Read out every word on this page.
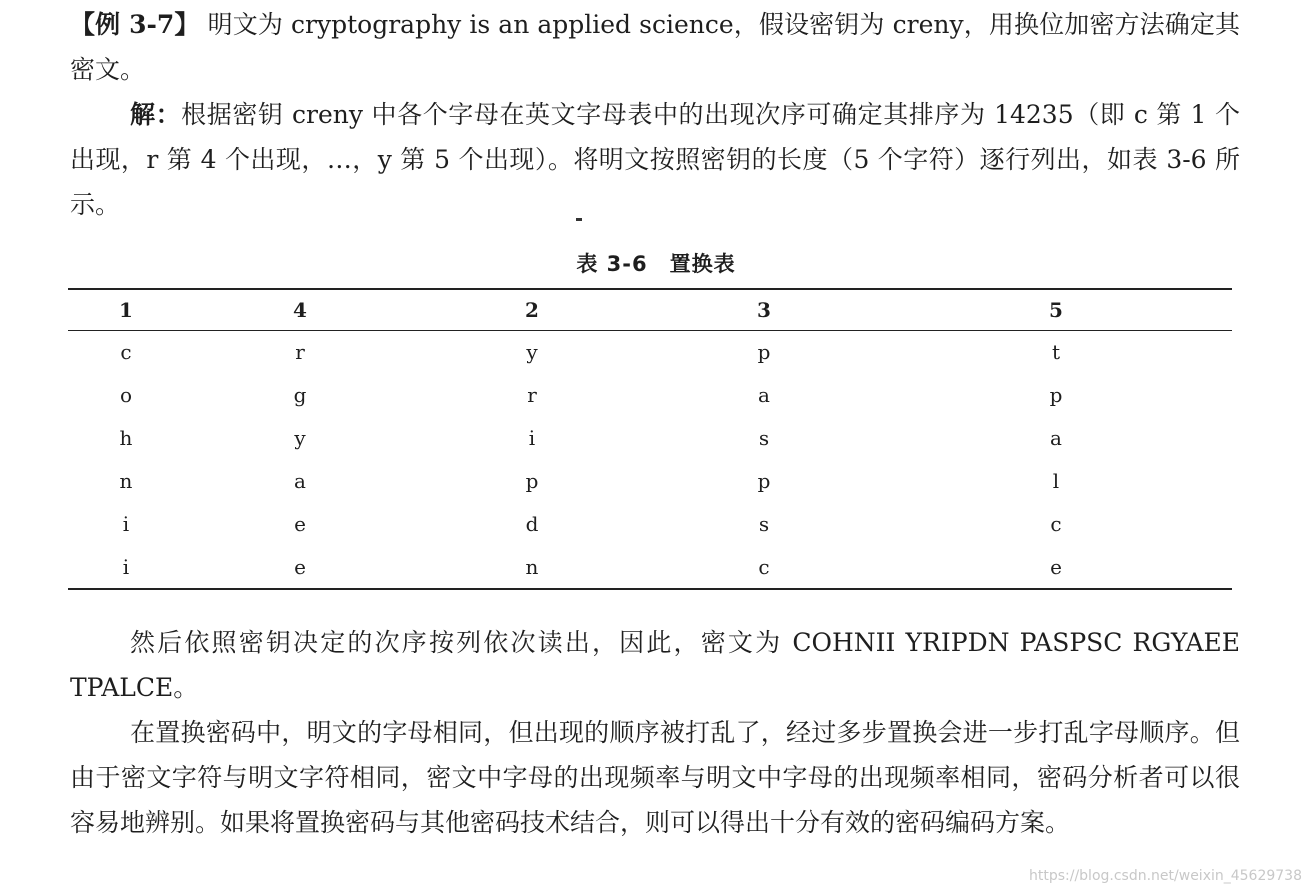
【例 3-7】 明文为 cryptography is an applied science，假设密钥为 creny，用换位加密方法确定其密文。

解：根据密钥 creny 中各个字母在英文字母表中的出现次序可确定其排序为 14235（即 c 第 1 个出现，r 第 4 个出现，…，y 第 5 个出现）。将明文按照密钥的长度（5 个字符）逐行列出，如表 3-6 所示。

表 3-6　置换表
1	4	2	3	5
c	r	y	p	t
o	g	r	a	p
h	y	i	s	a
n	a	p	p	l
i	e	d	s	c
i	e	n	c	e

然后依照密钥决定的次序按列依次读出，因此，密文为 COHNII YRIPDN PASPSC RGYAEE TPALCE。

在置换密码中，明文的字母相同，但出现的顺序被打乱了，经过多步置换会进一步打乱字母顺序。但由于密文字符与明文字符相同，密文中字母的出现频率与明文中字母的出现频率相同，密码分析者可以很容易地辨别。如果将置换密码与其他密码技术结合，则可以得出十分有效的密码编码方案。

https://blog.csdn.net/weixin_45629738
